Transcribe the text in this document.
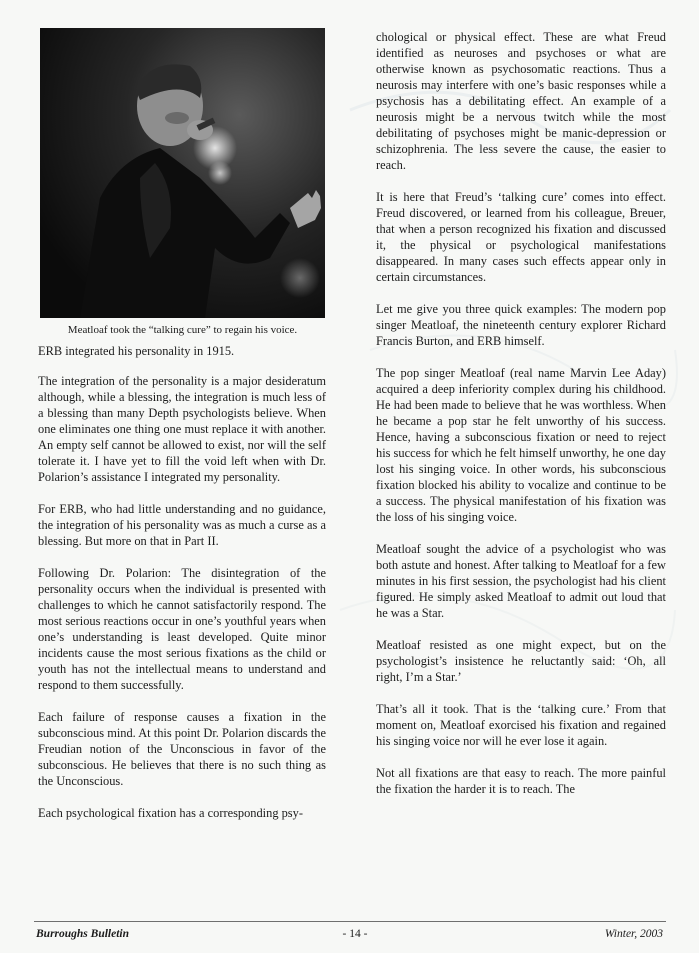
Meatloaf took the “talking cure” to regain his voice.

ERB integrated his personality in 1915.

The integration of the personality is a major desideratum although, while a blessing, the integration is much less of a blessing than many Depth psychologists believe. When one eliminates one thing one must replace it with another. An empty self cannot be allowed to exist, nor will the self tolerate it. I have yet to fill the void left when with Dr. Polarion’s assistance I integrated my personality.

For ERB, who had little understanding and no guidance, the integration of his personality was as much a curse as a blessing. But more on that in Part II.

Following Dr. Polarion: The disintegration of the personality occurs when the individual is presented with challenges to which he cannot satisfactorily respond. The most serious reactions occur in one’s youthful years when one’s understanding is least developed. Quite minor incidents cause the most serious fixations as the child or youth has not the intellectual means to understand and respond to them successfully.

Each failure of response causes a fixation in the subconscious mind. At this point Dr. Polarion discards the Freudian notion of the Unconscious in favor of the subconscious. He believes that there is no such thing as the Unconscious.

Each psychological fixation has a corresponding psy-

chological or physical effect. These are what Freud identified as neuroses and psychoses or what are otherwise known as psychosomatic reactions. Thus a neurosis may interfere with one’s basic responses while a psychosis has a debilitating effect. An example of a neurosis might be a nervous twitch while the most debilitating of psychoses might be manic-depression or schizophrenia. The less severe the cause, the easier to reach.

It is here that Freud’s ‘talking cure’ comes into effect. Freud discovered, or learned from his colleague, Breuer, that when a person recognized his fixation and discussed it, the physical or psychological manifestations disappeared. In many cases such effects appear only in certain circumstances.

Let me give you three quick examples: The modern pop singer Meatloaf, the nineteenth century explorer Richard Francis Burton, and ERB himself.

The pop singer Meatloaf (real name Marvin Lee Aday) acquired a deep inferiority complex during his childhood. He had been made to believe that he was worthless. When he became a pop star he felt unworthy of his success. Hence, having a subconscious fixation or need to reject his success for which he felt himself unworthy, he one day lost his singing voice. In other words, his subconscious fixation blocked his ability to vocalize and continue to be a success. The physical manifestation of his fixation was the loss of his singing voice.

Meatloaf sought the advice of a psychologist who was both astute and honest. After talking to Meatloaf for a few minutes in his first session, the psychologist had his client figured. He simply asked Meatloaf to admit out loud that he was a Star.

Meatloaf resisted as one might expect, but on the psychologist’s insistence he reluctantly said: ‘Oh, all right, I’m a Star.’

That’s all it took. That is the ‘talking cure.’ From that moment on, Meatloaf exorcised his fixation and regained his singing voice nor will he ever lose it again.

Not all fixations are that easy to reach. The more painful the fixation the harder it is to reach. The

Burroughs Bulletin	- 14 -	Winter, 2003
